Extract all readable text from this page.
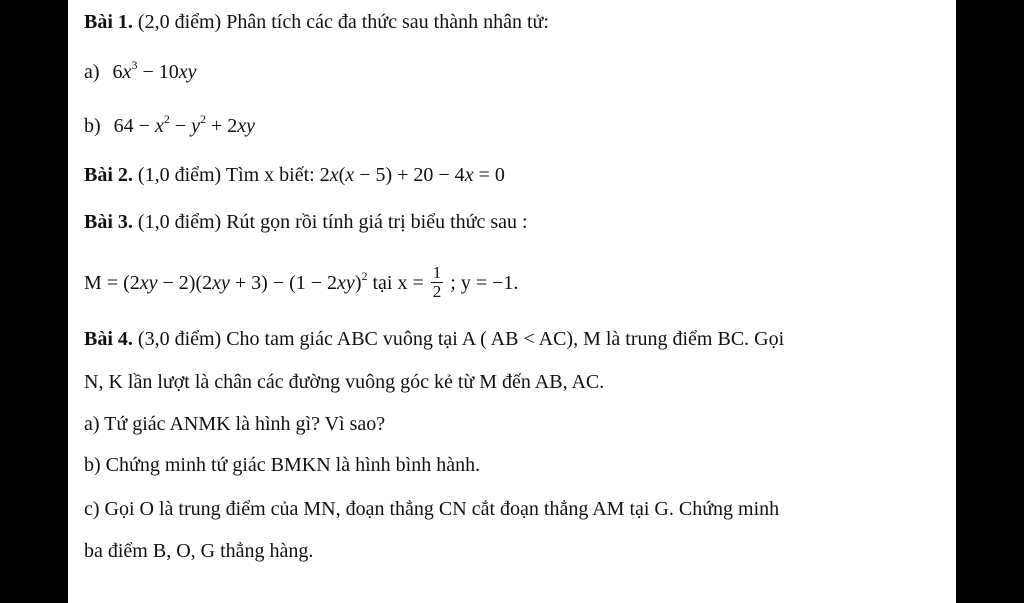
Bài 1. (2,0 điểm) Phân tích các đa thức sau thành nhân tử:
a) $6x^3 - 10xy$
b) $64 - x^2 - y^2 + 2xy$
Bài 2. (1,0 điểm) Tìm x biết: 2x(x − 5) + 20 − 4x = 0
Bài 3. (1,0 điểm) Rút gọn rồi tính giá trị biểu thức sau :
$M = (2xy - 2)(2xy + 3) - (1 - 2xy)^2$ tại $x = \frac{1}{2}$ ; y = −1.
Bài 4. (3,0 điểm) Cho tam giác ABC vuông tại A ( AB < AC), M là trung điểm BC. Gọi
N, K lần lượt là chân các đường vuông góc kẻ từ M đến AB, AC.
a) Tứ giác ANMK là hình gì? Vì sao?
b) Chứng minh tứ giác BMKN là hình bình hành.
c) Gọi O là trung điểm của MN, đoạn thẳng CN cắt đoạn thẳng AM tại G. Chứng minh
ba điểm B, O, G thẳng hàng.
